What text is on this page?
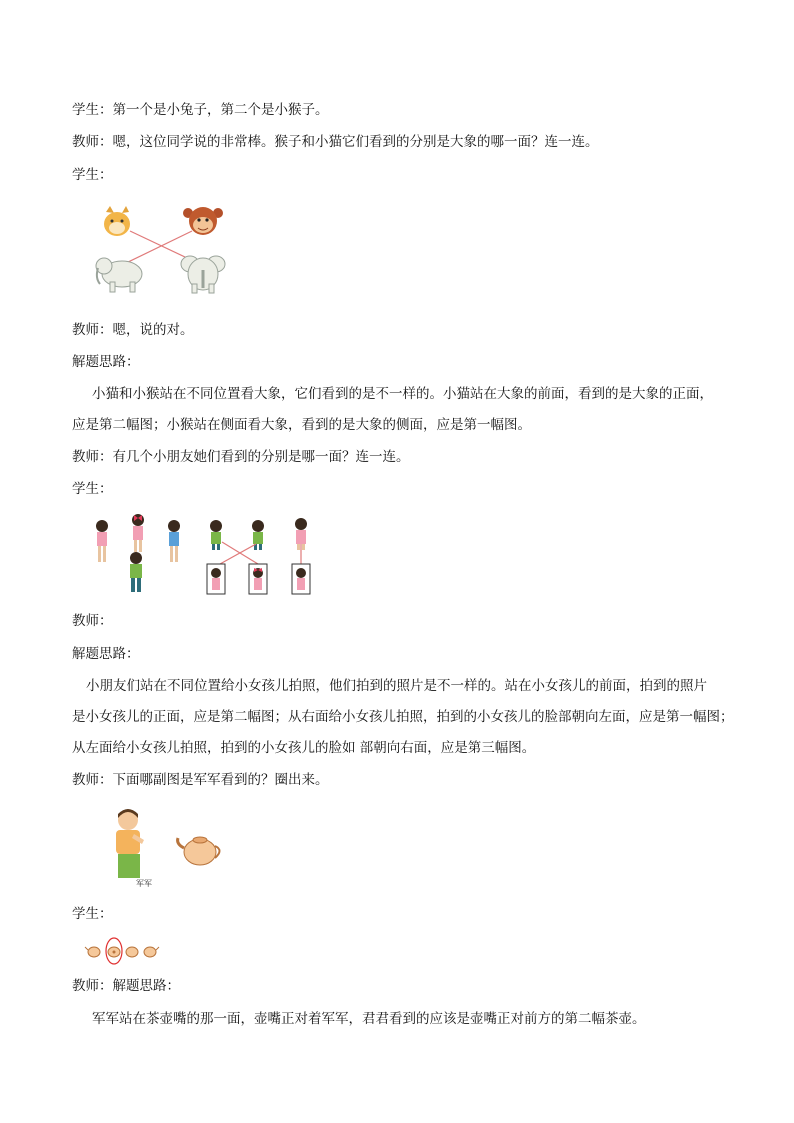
学生：第一个是小兔子，第二个是小猴子。
教师：嗯，这位同学说的非常棒。猴子和小猫它们看到的分别是大象的哪一面？连一连。
学生：
教师：嗯，说的对。
解题思路：
小猫和小猴站在不同位置看大象，它们看到的是不一样的。小猫站在大象的前面，看到的是大象的正面，
应是第二幅图；小猴站在侧面看大象，看到的是大象的侧面，应是第一幅图。
教师：有几个小朋友她们看到的分别是哪一面？连一连。
学生：
教师：
解题思路：
小朋友们站在不同位置给小女孩儿拍照，他们拍到的照片是不一样的。站在小女孩儿的前面，拍到的照片
是小女孩儿的正面，应是第二幅图；从右面给小女孩儿拍照，拍到的小女孩儿的脸部朝向左面，应是第一幅图；
从左面给小女孩儿拍照，拍到的小女孩儿的脸如 部朝向右面，应是第三幅图。
教师：下面哪副图是军军看到的？圈出来。
军军
学生：
教师：解题思路：
军军站在茶壶嘴的那一面，壶嘴正对着军军，君君看到的应该是壶嘴正对前方的第二幅茶壶。
